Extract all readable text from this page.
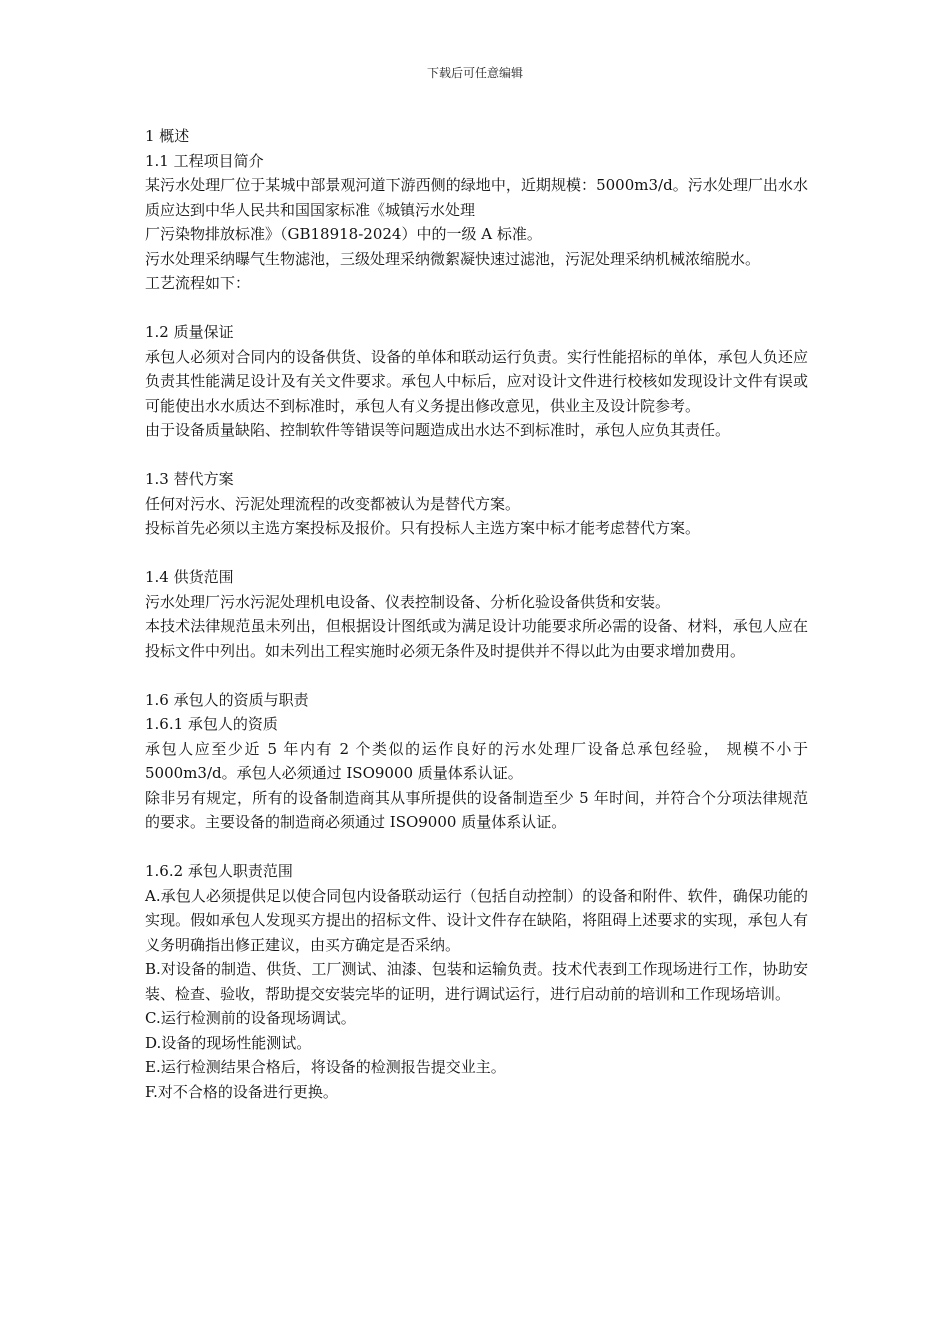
下载后可任意编辑

1 概述

1.1 工程项目简介

某污水处理厂位于某城中部景观河道下游西侧的绿地中，近期规模：5000m3/d。污水处理厂出水水质应达到中华人民共和国国家标准《城镇污水处理

厂污染物排放标准》（GB18918-2024）中的一级 A 标准。

污水处理采纳曝气生物滤池，三级处理采纳微絮凝快速过滤池，污泥处理采纳机械浓缩脱水。

工艺流程如下：

1.2 质量保证

承包人必须对合同内的设备供货、设备的单体和联动运行负责。实行性能招标的单体，承包人负还应负责其性能满足设计及有关文件要求。承包人中标后，应对设计文件进行校核如发现设计文件有误或可能使出水水质达不到标准时，承包人有义务提出修改意见，供业主及设计院参考。

由于设备质量缺陷、控制软件等错误等问题造成出水达不到标准时，承包人应负其责任。

1.3 替代方案

任何对污水、污泥处理流程的改变都被认为是替代方案。

投标首先必须以主选方案投标及报价。只有投标人主选方案中标才能考虑替代方案。

1.4 供货范围

污水处理厂污水污泥处理机电设备、仪表控制设备、分析化验设备供货和安装。

本技术法律规范虽未列出，但根据设计图纸或为满足设计功能要求所必需的设备、材料，承包人应在投标文件中列出。如未列出工程实施时必须无条件及时提供并不得以此为由要求增加费用。

1.6 承包人的资质与职责

1.6.1 承包人的资质

承包人应至少近 5 年内有 2 个类似的运作良好的污水处理厂设备总承包经验， 规模不小于 5000m3/d。承包人必须通过 ISO9000 质量体系认证。

除非另有规定，所有的设备制造商其从事所提供的设备制造至少 5 年时间，并符合个分项法律规范的要求。主要设备的制造商必须通过 ISO9000 质量体系认证。

1.6.2 承包人职责范围

A.承包人必须提供足以使合同包内设备联动运行（包括自动控制）的设备和附件、软件，确保功能的实现。假如承包人发现买方提出的招标文件、设计文件存在缺陷，将阻碍上述要求的实现，承包人有义务明确指出修正建议，由买方确定是否采纳。

B.对设备的制造、供货、工厂测试、油漆、包装和运输负责。技术代表到工作现场进行工作，协助安装、检查、验收，帮助提交安装完毕的证明，进行调试运行，进行启动前的培训和工作现场培训。

C.运行检测前的设备现场调试。

D.设备的现场性能测试。

E.运行检测结果合格后，将设备的检测报告提交业主。

F.对不合格的设备进行更换。
